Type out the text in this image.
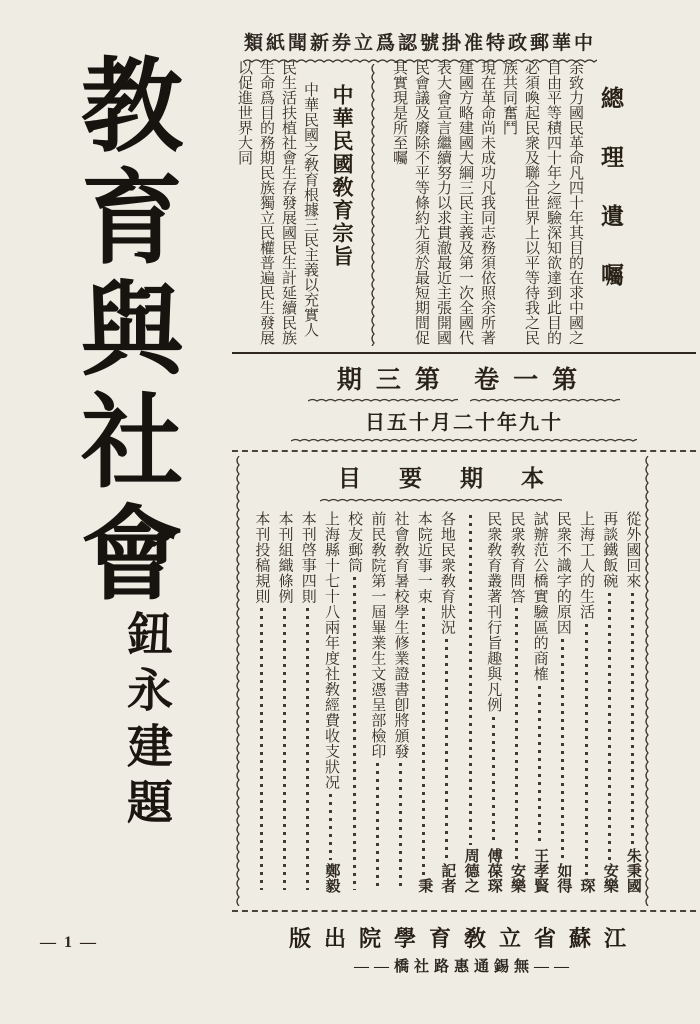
類紙聞新券立爲認號掛准特政郵華中
教育與社會
鈕永建題
— 1 —
總理遺囑
余致力國民革命凡四十年其目的在求中國之
自由平等積四十年之經驗深知欲達到此目的
必須喚起民衆及聯合世界上以平等待我之民
族共同奮鬥
現在革命尚未成功凡我同志務須依照余所著
建國方略建國大綱三民主義及第一次全國代
表大會宣言繼續努力以求貫澈最近主張開國
民會議及廢除不平等條約尤須於最短期間促
其實現是所至囑
中華民國敎育宗旨
中華民國之敎育根據三民主義以充實人
民生活扶植社會生存發展國民生計延續民族
生命爲目的務期民族獨立民權普遍民生發展
以促進世界大同
期三第 卷一第
日五十月二十年九十
目要期本
從外國回來
朱秉國
再談鐵飯碗
安樂
上海工人的生活
琛
民衆不識字的原因
如得
試辦范公橋實驗區的商榷
王孝賢
民衆敎育問答
安樂
民衆敎育叢著刊行旨趣與凡例
傅葆琛
周德之
各地民衆敎育狀況
記者
本院近事一束
秉
社會敎育暑校學生修業證書卽將頒發
前民敎院第一屆畢業生文憑呈部檢印
校友郵筒
上海縣十七十八兩年度社敎經費收支狀况
鄭毅
本刊啓事四則
本刊組織條例
本刊投稿規則
版出院學育敎立省蘇江
——橋社路惠通錫無——
